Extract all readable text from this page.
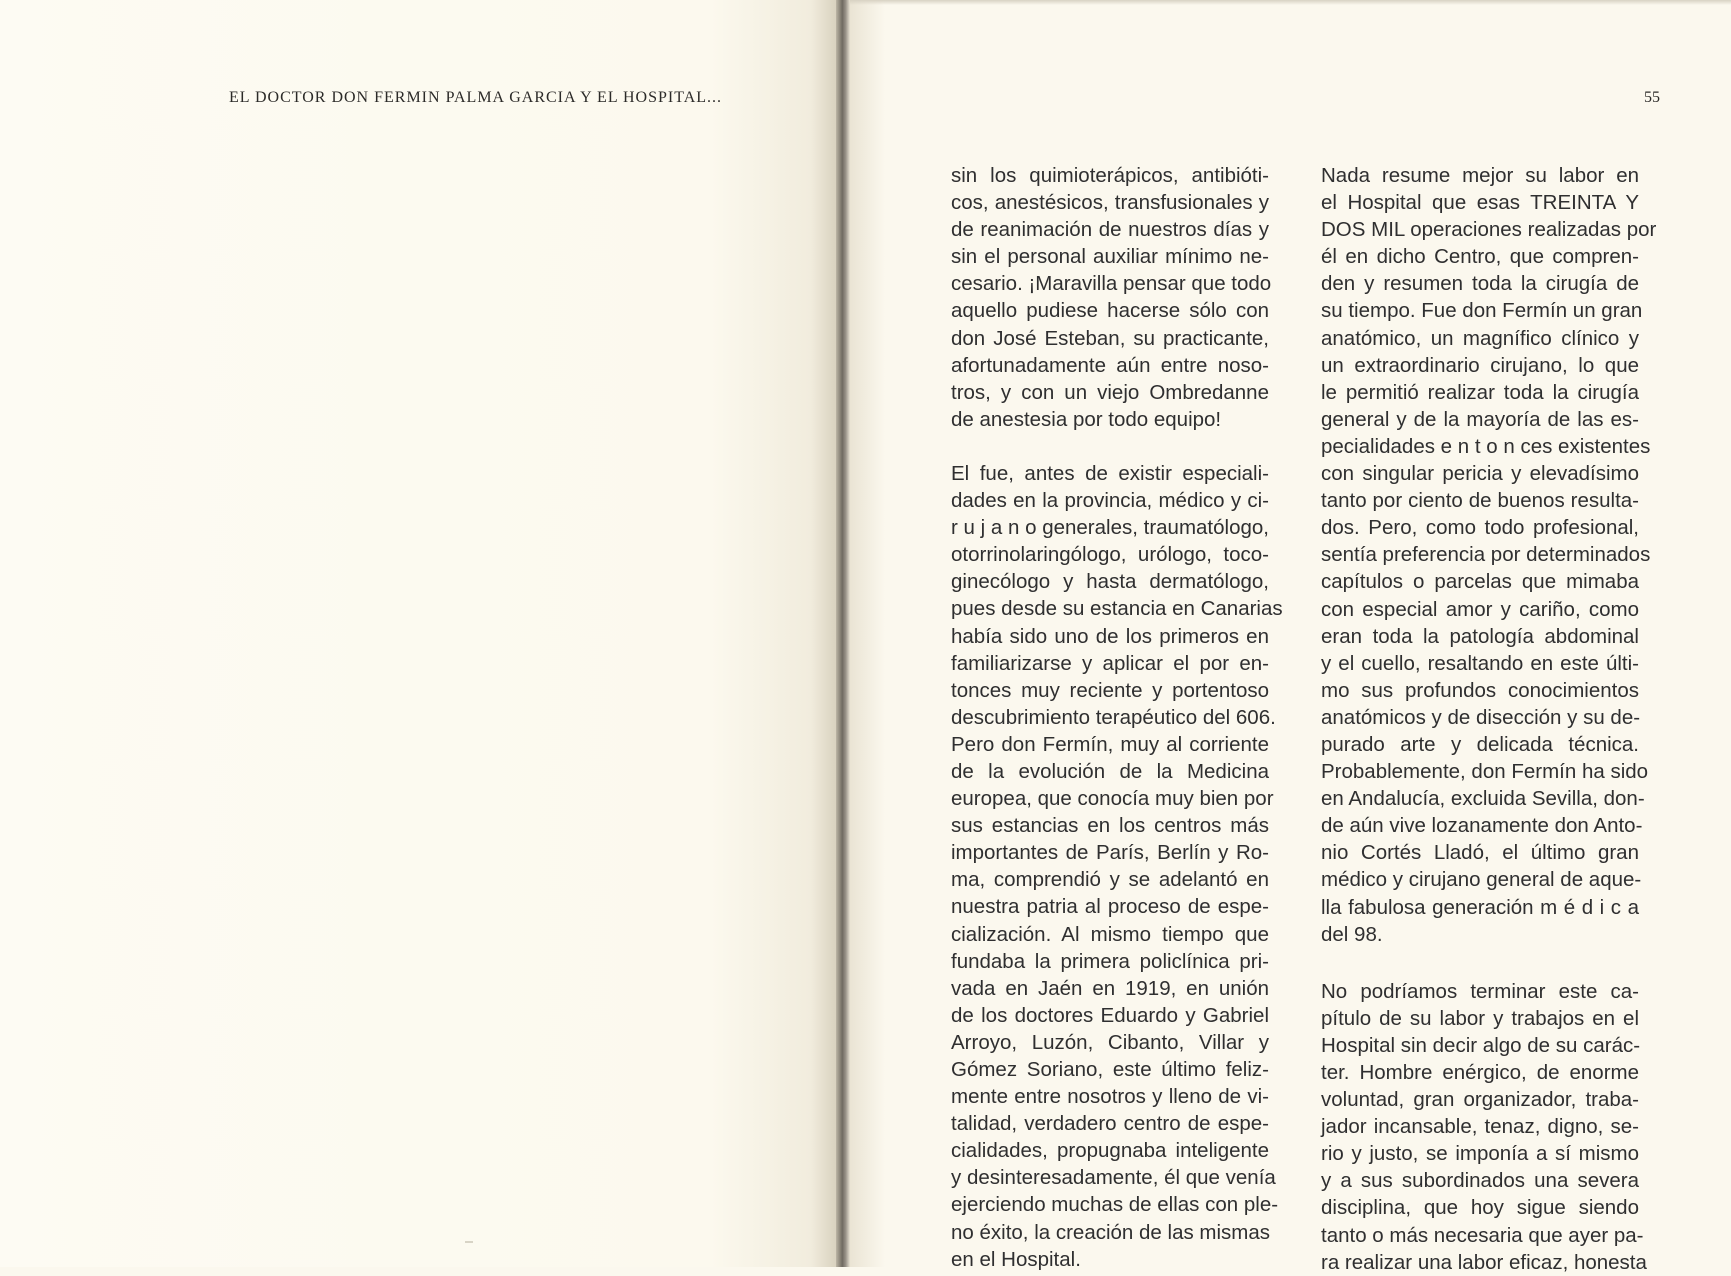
EL DOCTOR DON FERMIN PALMA GARCIA Y EL HOSPITAL...	55
sin los quimioterápicos, antibióti-
cos, anestésicos, transfusionales y
de reanimación de nuestros días y
sin el personal auxiliar mínimo ne-
cesario. ¡Maravilla pensar que todo
aquello pudiese hacerse sólo con
don José Esteban, su practicante,
afortunadamente aún entre noso-
tros, y con un viejo Ombredanne
de anestesia por todo equipo!
El fue, antes de existir especiali-
dades en la provincia, médico y ci-
r u j a n o generales, traumatólogo,
otorrinolaringólogo, urólogo, toco-
ginecólogo y hasta dermatólogo,
pues desde su estancia en Canarias
había sido uno de los primeros en
familiarizarse y aplicar el por en-
tonces muy reciente y portentoso
descubrimiento terapéutico del 606.
Pero don Fermín, muy al corriente
de la evolución de la Medicina
europea, que conocía muy bien por
sus estancias en los centros más
importantes de París, Berlín y Ro-
ma, comprendió y se adelantó en
nuestra patria al proceso de espe-
cialización. Al mismo tiempo que
fundaba la primera policlínica pri-
vada en Jaén en 1919, en unión
de los doctores Eduardo y Gabriel
Arroyo, Luzón, Cibanto, Villar y
Gómez Soriano, este último feliz-
mente entre nosotros y lleno de vi-
talidad, verdadero centro de espe-
cialidades, propugnaba inteligente
y desinteresadamente, él que venía
ejerciendo muchas de ellas con ple-
no éxito, la creación de las mismas
en el Hospital.
Nada resume mejor su labor en
el Hospital que esas TREINTA Y
DOS MIL operaciones realizadas por
él en dicho Centro, que compren-
den y resumen toda la cirugía de
su tiempo. Fue don Fermín un gran
anatómico, un magnífico clínico y
un extraordinario cirujano, lo que
le permitió realizar toda la cirugía
general y de la mayoría de las es-
pecialidades e n t o n ces existentes
con singular pericia y elevadísimo
tanto por ciento de buenos resulta-
dos. Pero, como todo profesional,
sentía preferencia por determinados
capítulos o parcelas que mimaba
con especial amor y cariño, como
eran toda la patología abdominal
y el cuello, resaltando en este últi-
mo sus profundos conocimientos
anatómicos y de disección y su de-
purado arte y delicada técnica.
Probablemente, don Fermín ha sido
en Andalucía, excluida Sevilla, don-
de aún vive lozanamente don Anto-
nio Cortés Lladó, el último gran
médico y cirujano general de aque-
lla fabulosa generación m é d i c a
del 98.
No podríamos terminar este ca-
pítulo de su labor y trabajos en el
Hospital sin decir algo de su carác-
ter. Hombre enérgico, de enorme
voluntad, gran organizador, traba-
jador incansable, tenaz, digno, se-
rio y justo, se imponía a sí mismo
y a sus subordinados una severa
disciplina, que hoy sigue siendo
tanto o más necesaria que ayer pa-
ra realizar una labor eficaz, honesta
